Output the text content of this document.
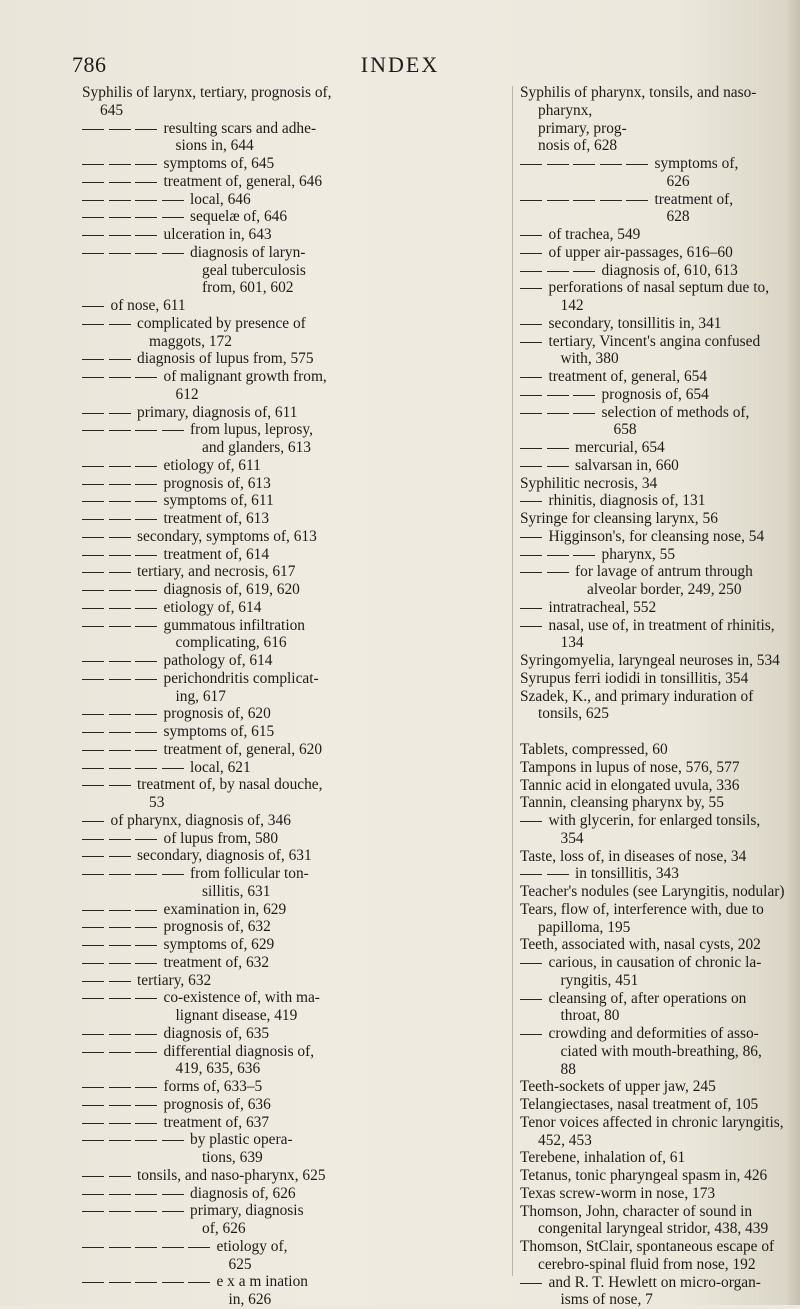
786	INDEX
Syphilis of larynx, tertiary, prognosis of,
645
resulting scars and adhe-
sions in, 644
symptoms of, 645
treatment of, general, 646
local, 646
sequelæ of, 646
ulceration in, 643
diagnosis of laryn-
geal tuberculosis
from, 601, 602
of nose, 611
complicated by presence of
maggots, 172
diagnosis of lupus from, 575
of malignant growth from,
612
primary, diagnosis of, 611
from lupus, leprosy,
and glanders, 613
etiology of, 611
prognosis of, 613
symptoms of, 611
treatment of, 613
secondary, symptoms of, 613
treatment of, 614
tertiary, and necrosis, 617
diagnosis of, 619, 620
etiology of, 614
gummatous infiltration
complicating, 616
pathology of, 614
perichondritis complicat-
ing, 617
prognosis of, 620
symptoms of, 615
treatment of, general, 620
local, 621
treatment of, by nasal douche,
53
of pharynx, diagnosis of, 346
of lupus from, 580
secondary, diagnosis of, 631
from follicular ton-
sillitis, 631
examination in, 629
prognosis of, 632
symptoms of, 629
treatment of, 632
tertiary, 632
co-existence of, with ma-
lignant disease, 419
diagnosis of, 635
differential diagnosis of,
419, 635, 636
forms of, 633–5
prognosis of, 636
treatment of, 637
by plastic opera-
tions, 639
tonsils, and naso-pharynx, 625
diagnosis of, 626
primary, diagnosis
of, 626
etiology of,
625
e x a m ination
in, 626
Syphilis of pharynx, tonsils, and naso-
pharynx,
primary, prog-
nosis of, 628
symptoms of,
626
treatment of,
628
of trachea, 549
of upper air-passages, 616–60
diagnosis of, 610, 613
perforations of nasal septum due to,
142
secondary, tonsillitis in, 341
tertiary, Vincent's angina confused
with, 380
treatment of, general, 654
prognosis of, 654
selection of methods of,
658
mercurial, 654
salvarsan in, 660
Syphilitic necrosis, 34
rhinitis, diagnosis of, 131
Syringe for cleansing larynx, 56
Higginson's, for cleansing nose, 54
pharynx, 55
for lavage of antrum through
alveolar border, 249, 250
intratracheal, 552
nasal, use of, in treatment of rhinitis,
134
Syringomyelia, laryngeal neuroses in, 534
Syrupus ferri iodidi in tonsillitis, 354
Szadek, K., and primary induration of
tonsils, 625
Tablets, compressed, 60
Tampons in lupus of nose, 576, 577
Tannic acid in elongated uvula, 336
Tannin, cleansing pharynx by, 55
with glycerin, for enlarged tonsils,
354
Taste, loss of, in diseases of nose, 34
in tonsillitis, 343
Teacher's nodules (see Laryngitis, nodular)
Tears, flow of, interference with, due to
papilloma, 195
Teeth, associated with, nasal cysts, 202
carious, in causation of chronic la-
ryngitis, 451
cleansing of, after operations on
throat, 80
crowding and deformities of asso-
ciated with mouth-breathing, 86,
88
Teeth-sockets of upper jaw, 245
Telangiectases, nasal treatment of, 105
Tenor voices affected in chronic laryngitis,
452, 453
Terebene, inhalation of, 61
Tetanus, tonic pharyngeal spasm in, 426
Texas screw-worm in nose, 173
Thomson, John, character of sound in
congenital laryngeal stridor, 438, 439
Thomson, StClair, spontaneous escape of
cerebro-spinal fluid from nose, 192
and R. T. Hewlett on micro-organ-
isms of nose, 7
